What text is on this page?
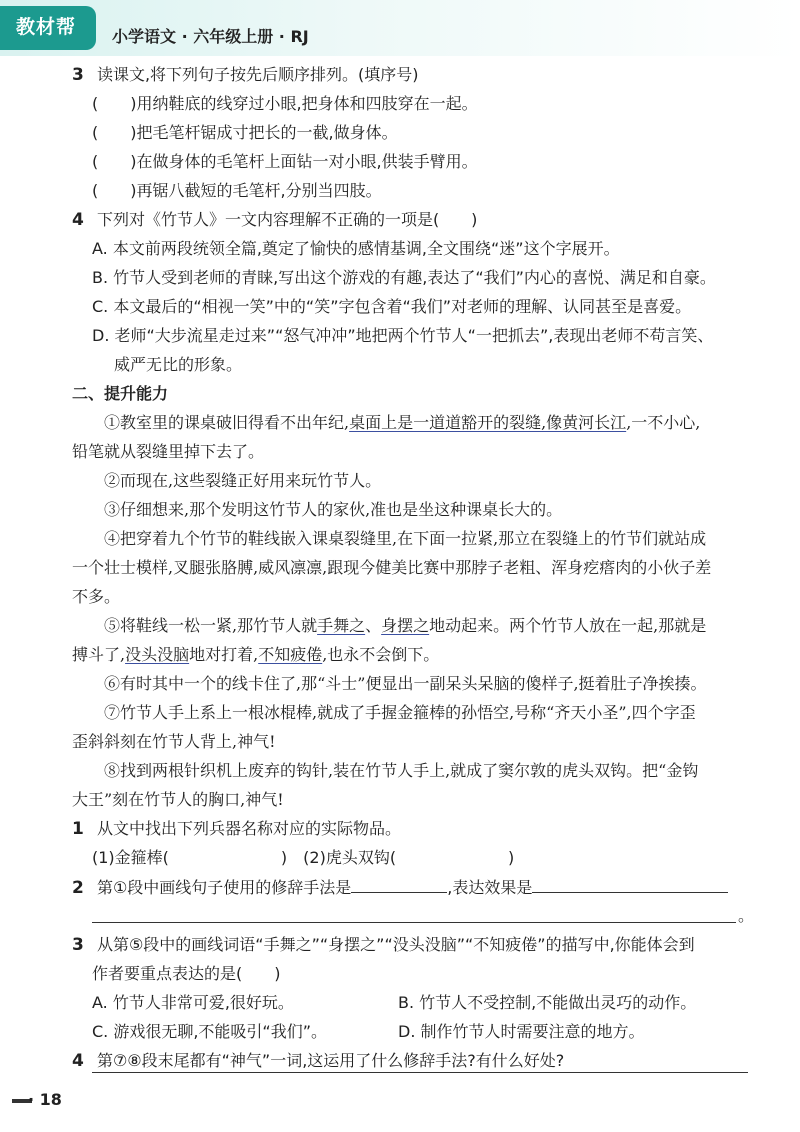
教材帮 小学语文 · 六年级上册 · RJ
3 读课文,将下列句子按先后顺序排列。(填序号)
(　　)用纳鞋底的线穿过小眼,把身体和四肢穿在一起。
(　　)把毛笔杆锯成寸把长的一截,做身体。
(　　)在做身体的毛笔杆上面钻一对小眼,供装手臂用。
(　　)再锯八截短的毛笔杆,分别当四肢。
4 下列对《竹节人》一文内容理解不正确的一项是(　　)
A. 本文前两段统领全篇,奠定了愉快的感情基调,全文围绕“迷”这个字展开。
B. 竹节人受到老师的青睐,写出这个游戏的有趣,表达了“我们”内心的喜悦、满足和自豪。
C. 本文最后的“相视一笑”中的“笑”字包含着“我们”对老师的理解、认同甚至是喜爱。
D. 老师“大步流星走过来”“怒气冲冲”地把两个竹节人“一把抓去”,表现出老师不苟言笑、
威严无比的形象。
二、提升能力
①教室里的课桌破旧得看不出年纪,桌面上是一道道豁开的裂缝,像黄河长江,一不小心,
铅笔就从裂缝里掉下去了。
②而现在,这些裂缝正好用来玩竹节人。
③仔细想来,那个发明这竹节人的家伙,准也是坐这种课桌长大的。
④把穿着九个竹节的鞋线嵌入课桌裂缝里,在下面一拉紧,那立在裂缝上的竹节们就站成
一个壮士模样,叉腿张胳膊,威风凛凛,跟现今健美比赛中那脖子老粗、浑身疙瘩肉的小伙子差
不多。
⑤将鞋线一松一紧,那竹节人就手舞之、身摆之地动起来。两个竹节人放在一起,那就是
搏斗了,没头没脑地对打着,不知疲倦,也永不会倒下。
⑥有时其中一个的线卡住了,那“斗士”便显出一副呆头呆脑的傻样子,挺着肚子净挨揍。
⑦竹节人手上系上一根冰棍棒,就成了手握金箍棒的孙悟空,号称“齐天小圣”,四个字歪
歪斜斜刻在竹节人背上,神气!
⑧找到两根针织机上废弃的钩针,装在竹节人手上,就成了窦尔敦的虎头双钩。把“金钩
大王”刻在竹节人的胸口,神气!
1 从文中找出下列兵器名称对应的实际物品。
(1)金箍棒(　　　　　　　)　(2)虎头双钩(　　　　　　　)
2 第①段中画线句子使用的修辞手法是	,表达效果是
。
3 从第⑤段中的画线词语“手舞之”“身摆之”“没头没脑”“不知疲倦”的描写中,你能体会到
作者要重点表达的是(　　)
A. 竹节人非常可爱,很好玩。	B. 竹节人不受控制,不能做出灵巧的动作。
C. 游戏很无聊,不能吸引“我们”。	D. 制作竹节人时需要注意的地方。
4 第⑦⑧段末尾都有“神气”一词,这运用了什么修辞手法?有什么好处?
· 18
